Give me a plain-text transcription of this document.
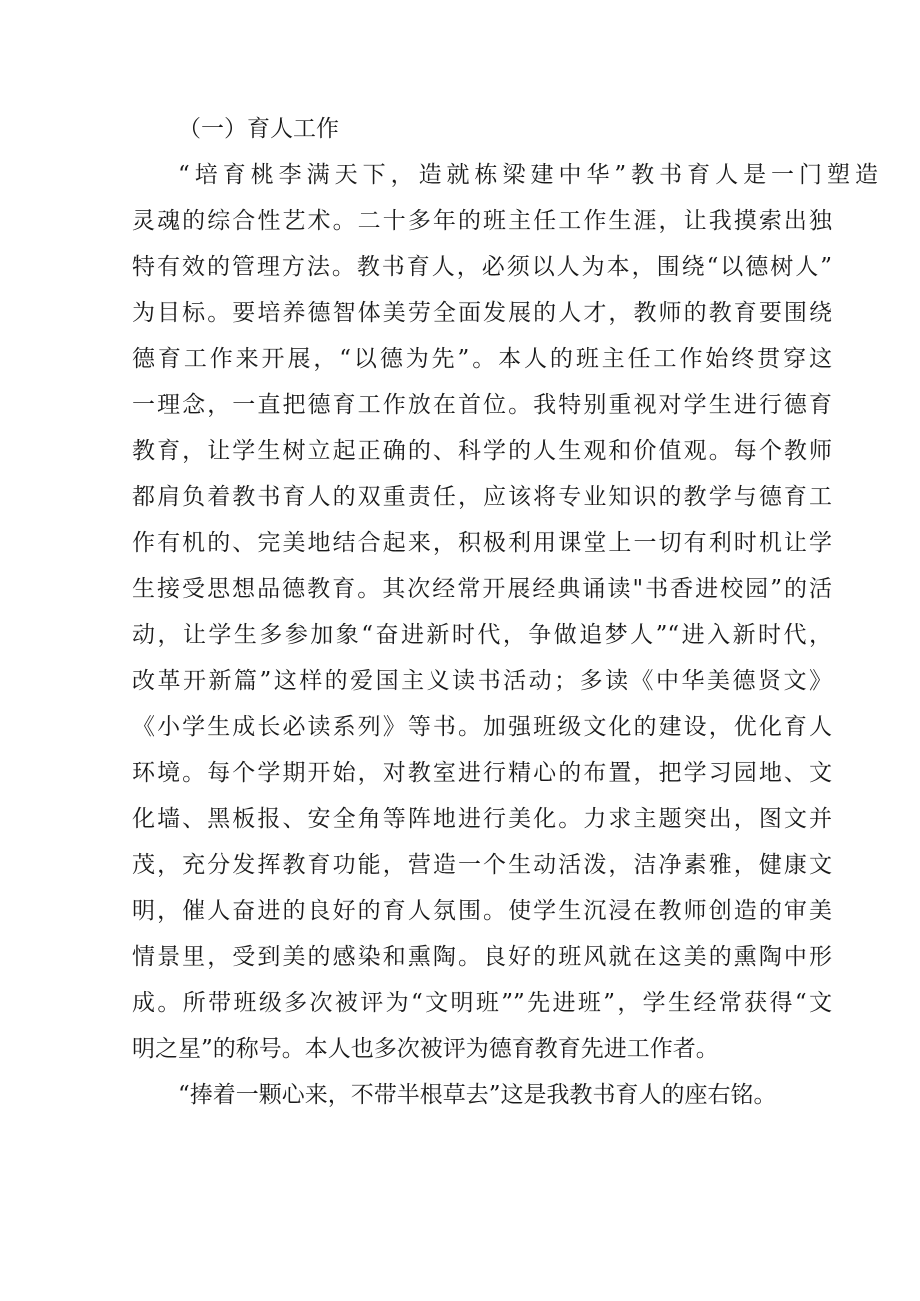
（一）育人工作
“培育桃李满天下，造就栋梁建中华”教书育人是一门塑造
灵魂的综合性艺术。二十多年的班主任工作生涯，让我摸索出独
特有效的管理方法。教书育人，必须以人为本，围绕“以德树人”
为目标。要培养德智体美劳全面发展的人才，教师的教育要围绕
德育工作来开展，“以德为先”。本人的班主任工作始终贯穿这
一理念，一直把德育工作放在首位。我特别重视对学生进行德育
教育，让学生树立起正确的、科学的人生观和价值观。每个教师
都肩负着教书育人的双重责任，应该将专业知识的教学与德育工
作有机的、完美地结合起来，积极利用课堂上一切有利时机让学
生接受思想品德教育。其次经常开展经典诵读"书香进校园”的活
动，让学生多参加象“奋进新时代，争做追梦人”“进入新时代，
改革开新篇”这样的爱国主义读书活动；多读《中华美德贤文》
《小学生成长必读系列》等书。加强班级文化的建设，优化育人
环境。每个学期开始，对教室进行精心的布置，把学习园地、文
化墙、黑板报、安全角等阵地进行美化。力求主题突出，图文并
茂，充分发挥教育功能，营造一个生动活泼，洁净素雅，健康文
明，催人奋进的良好的育人氛围。使学生沉浸在教师创造的审美
情景里，受到美的感染和熏陶。良好的班风就在这美的熏陶中形
成。所带班级多次被评为“文明班””先进班”，学生经常获得“文
明之星”的称号。本人也多次被评为德育教育先进工作者。
“捧着一颗心来，不带半根草去”这是我教书育人的座右铭。
